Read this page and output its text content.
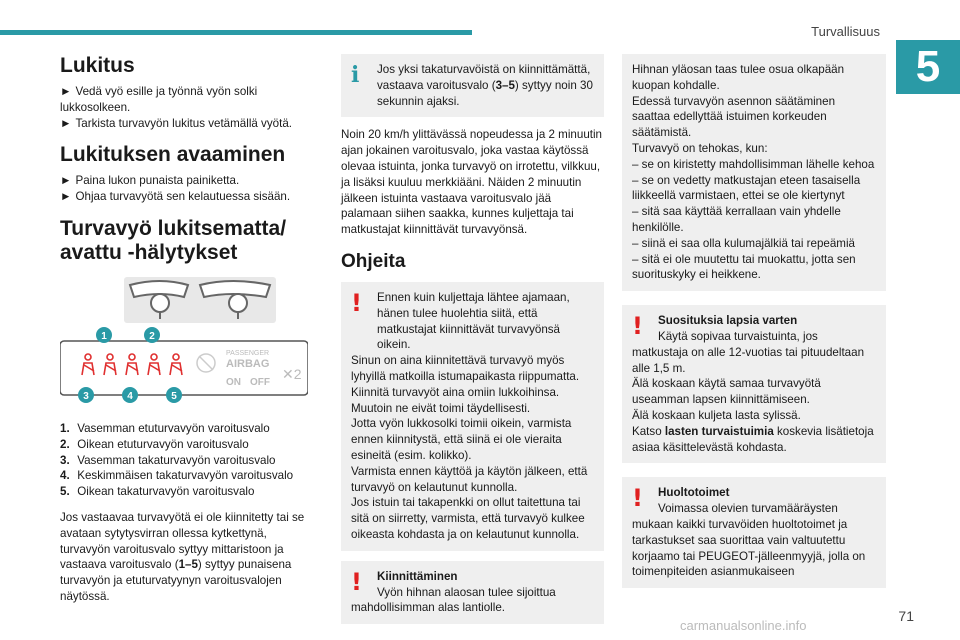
Turvallisuus
5
Lukitus

► Vedä vyö esille ja työnnä vyön solki lukkosolkeen.

► Tarkista turvavyön lukitus vetämällä vyötä.

Lukituksen avaaminen

► Paina lukon punaista painiketta.

► Ohjaa turvavyötä sen kelautuessa sisään.

Turvavyö lukitsematta/ avattu -hälytykset
PASSENGER
AIRBAG
ON OFF
✕2
1	2
3	4	5
1. Vasemman etuturvavyön varoitusvalo
2. Oikean etuturvavyön varoitusvalo
3. Vasemman takaturvavyön varoitusvalo
4. Keskimmäisen takaturvavyön varoitusvalo
5. Oikean takaturvavyön varoitusvalo

Jos vastaavaa turvavyötä ei ole kiinnitetty tai se avataan sytytysvirran ollessa kytkettynä, turvavyön varoitusvalo syttyy mittaristoon ja vastaava varoitusvalo (1–5) syttyy punaisena turvavyön ja etuturvatyynyn varoitusvalojen näytössä.

i	Jos yksi takaturvavöistä on kiinnittämättä, vastaava varoitusvalo (3–5) syttyy noin 30 sekunnin ajaksi.

Noin 20 km/h ylittävässä nopeudessa ja 2 minuutin ajan jokainen varoitusvalo, joka vastaa käytössä olevaa istuinta, jonka turvavyö on irrotettu, vilkkuu, ja lisäksi kuuluu merkkiääni. Näiden 2 minuutin jälkeen istuinta vastaava varoitusvalo jää palamaan siihen saakka, kunnes kuljettaja tai matkustajat kiinnittävät turvavyönsä.

Ohjeita
!	Ennen kuin kuljettaja lähtee ajamaan, hänen tulee huolehtia siitä, että matkustajat kiinnittävät turvavyönsä oikein.

Sinun on aina kiinnitettävä turvavyö myös lyhyillä matkoilla istumapaikasta riippumatta.

Kiinnitä turvavyöt aina omiin lukkoihinsa.

Muutoin ne eivät toimi täydellisesti.

Jotta vyön lukkosolki toimii oikein, varmista ennen kiinnitystä, että siinä ei ole vieraita esineitä (esim. kolikko).

Varmista ennen käyttöä ja käytön jälkeen, että turvavyö on kelautunut kunnolla.

Jos istuin tai takapenkki on ollut taitettuna tai sitä on siirretty, varmista, että turvavyö kulkee oikeasta kohdasta ja on kelautunut kunnolla.

!	Kiinnittäminen

Vyön hihnan alaosan tulee sijoittua mahdollisimman alas lantiolle.

Hihnan yläosan taas tulee osua olkapään kuopan kohdalle.

Edessä turvavyön asennon säätäminen saattaa edellyttää istuimen korkeuden säätämistä.

Turvavyö on tehokas, kun:

– se on kiristetty mahdollisimman lähelle kehoa

– se on vedetty matkustajan eteen tasaisella liikkeellä varmistaen, ettei se ole kiertynyt

– sitä saa käyttää kerrallaan vain yhdelle henkilölle.

– siinä ei saa olla kulumajälkiä tai repeämiä

– sitä ei ole muutettu tai muokattu, jotta sen suorituskyky ei heikkene.

!	Suosituksia lapsia varten

Käytä sopivaa turvaistuinta, jos matkustaja on alle 12-vuotias tai pituudeltaan alle 1,5 m.

Älä koskaan käytä samaa turvavyötä useamman lapsen kiinnittämiseen.

Älä koskaan kuljeta lasta sylissä.

Katso lasten turvaistuimia koskevia lisätietoja asiaa käsittelevästä kohdasta.

!	Huoltotoimet

Voimassa olevien turvamääräysten mukaan kaikki turvavöiden huoltotoimet ja tarkastukset saa suorittaa vain valtuutettu korjaamo tai PEUGEOT-jälleenmyyjä, jolla on toimenpiteiden asianmukaiseen

71
carmanualsonline.info
